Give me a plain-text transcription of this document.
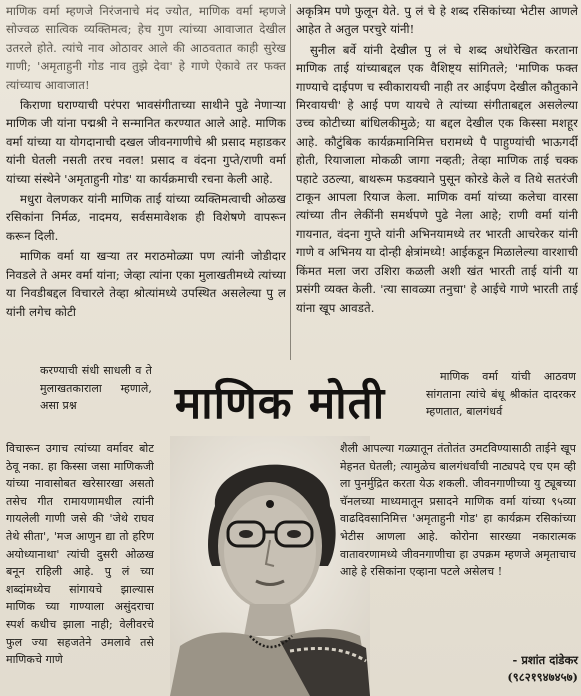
माणिक वर्मा म्हणजे निरंजनाचे मंद ज्योत, माणिक वर्मा म्हणजे सोज्वळ सात्विक व्यक्तिमत्व; हेच गुण त्यांच्या आवाजात देखील उतरले होते. त्यांचे नाव ओठावर आले की आठवतात काही सुरेख गाणी; 'अमृताहुनी गोड नाव तुझे देवा' हे गाणे ऐकावे तर फक्त त्यांच्याच आवाजात!

किराणा घराण्याची परंपरा भावसंगीताच्या साथीने पुढे नेणाऱ्या माणिक जी यांना पद्मश्री ने सन्मानित करण्यात आले आहे. माणिक वर्मा यांच्या या योगदानाची दखल जीवनगाणीचे श्री प्रसाद महाडकर यांनी घेतली नसती तरच नवल! प्रसाद व वंदना गुप्ते/राणी वर्मा यांच्या संस्थेने 'अमृताहुनी गोड' या कार्यक्रमाची रचना केली आहे.

मधुरा वेलणकर यांनी माणिक ताई यांच्या व्यक्तिमत्वाची ओळख रसिकांना निर्मळ, नादमय, सर्वसमावेशक ही विशेषणे वापरून करून दिली.

माणिक वर्मा या खऱ्या तर मराठमोळ्या पण त्यांनी जोडीदार निवडले ते अमर वर्मा यांना; जेव्हा त्यांना एका मुलाखतीमध्ये त्यांच्या या निवडीबद्दल विचारले तेव्हा श्रोत्यांमध्ये उपस्थित असलेल्या पु ल यांनी लगेच कोटी

अकृत्रिम पणे फुलून येते. पु लं चे हे शब्द रसिकांच्या भेटीस आणले आहेत ते अतुल परचुरे यांनी!

सुनील बर्वे यांनी देखील पु लं चे शब्द अधोरेखित करताना माणिक ताई यांच्याबद्दल एक वैशिष्ट्य सांगितले; 'माणिक फक्त गाण्याचे दाईपण च स्वीकारायची नाही तर आईपण देखील कौतुकाने मिरवायची' हे आई पण यायचे ते त्यांच्या संगीताबद्दल असलेल्या उच्च कोटीच्या बांधिलकीमुळे; या बद्दल देखील एक किस्सा मशहूर आहे. कौटुंबिक कार्यक्रमानिमित्त घरामध्ये पै पाहुण्यांची भाऊगर्दी होती, रियाजाला मोकळी जागा नव्हती; तेव्हा माणिक ताई चक्क पहाटे उठल्या, बाथरूम फडक्याने पुसून कोरडे केले व तिथे सतरंजी टाकून आपला रियाज केला. माणिक वर्मा यांच्या कलेचा वारसा त्यांच्या तीन लेकींनी समर्थपणे पुढे नेला आहे; राणी वर्मा यांनी गायनात, वंदना गुप्ते यांनी अभिनयामध्ये तर भारती आचरेकर यांनी गाणे व अभिनय या दोन्ही क्षेत्रांमध्ये! आईकडून मिळालेल्या वारशाची किंमत मला जरा उशिरा कळली अशी खंत भारती ताई यांनी या प्रसंगी व्यक्त केली. 'त्या सावळ्या तनुचा' हे आईचे गाणे भारती ताई यांना खूप आवडते.

करण्याची संधी साधली व ते मुलाखतकाराला म्हणाले, असा प्रश्न

माणिक वर्मा यांची आठवण सांगताना त्यांचे बंधू श्रीकांत दादरकर म्हणतात, बालगंधर्व

माणिक मोती

विचारून उगाच त्यांच्या वर्मावर बोट ठेवू नका. हा किस्सा जसा माणिकजी यांच्या नावासोबत खरेसारखा असतो तसेच गीत रामायणामधील त्यांनी गायलेली गाणी जसे की 'जेथे राघव तेथे सीता', 'मज आणुन द्या तो हरिण अयोध्यानाथा' त्यांची दुसरी ओळख बनून राहिली आहे. पु लं च्या शब्दांमध्येच सांगायचे झाल्यास माणिक च्या गाण्याला असुंदराचा स्पर्श कधीच झाला नाही; वेलीवरचे फुल ज्या सहजतेने उमलावे तसे माणिकचे गाणे

शैली आपल्या गळ्यातून तंतोतंत उमटविण्यासाठी ताईने खूप मेहनत घेतली; त्यामुळेच बालगंधर्वांची नाट्यपदे एच एम व्ही ला पुनर्मुद्रित करता येऊ शकली. जीवनगाणीच्या यु ट्यूबच्या चॅनलच्या माध्यमातून प्रसादने माणिक वर्मा यांच्या ९५व्या वाढदिवसानिमित्त 'अमृताहुनी गोड' हा कार्यक्रम रसिकांच्या भेटीस आणला आहे. कोरोना सारख्या नकारात्मक वातावरणामध्ये जीवनगाणीचा हा उपक्रम म्हणजे अमृताचाच आहे हे रसिकांना एव्हाना पटले असेलच !

- प्रशांत दांडेकर
(९८२१९४७४५७)
